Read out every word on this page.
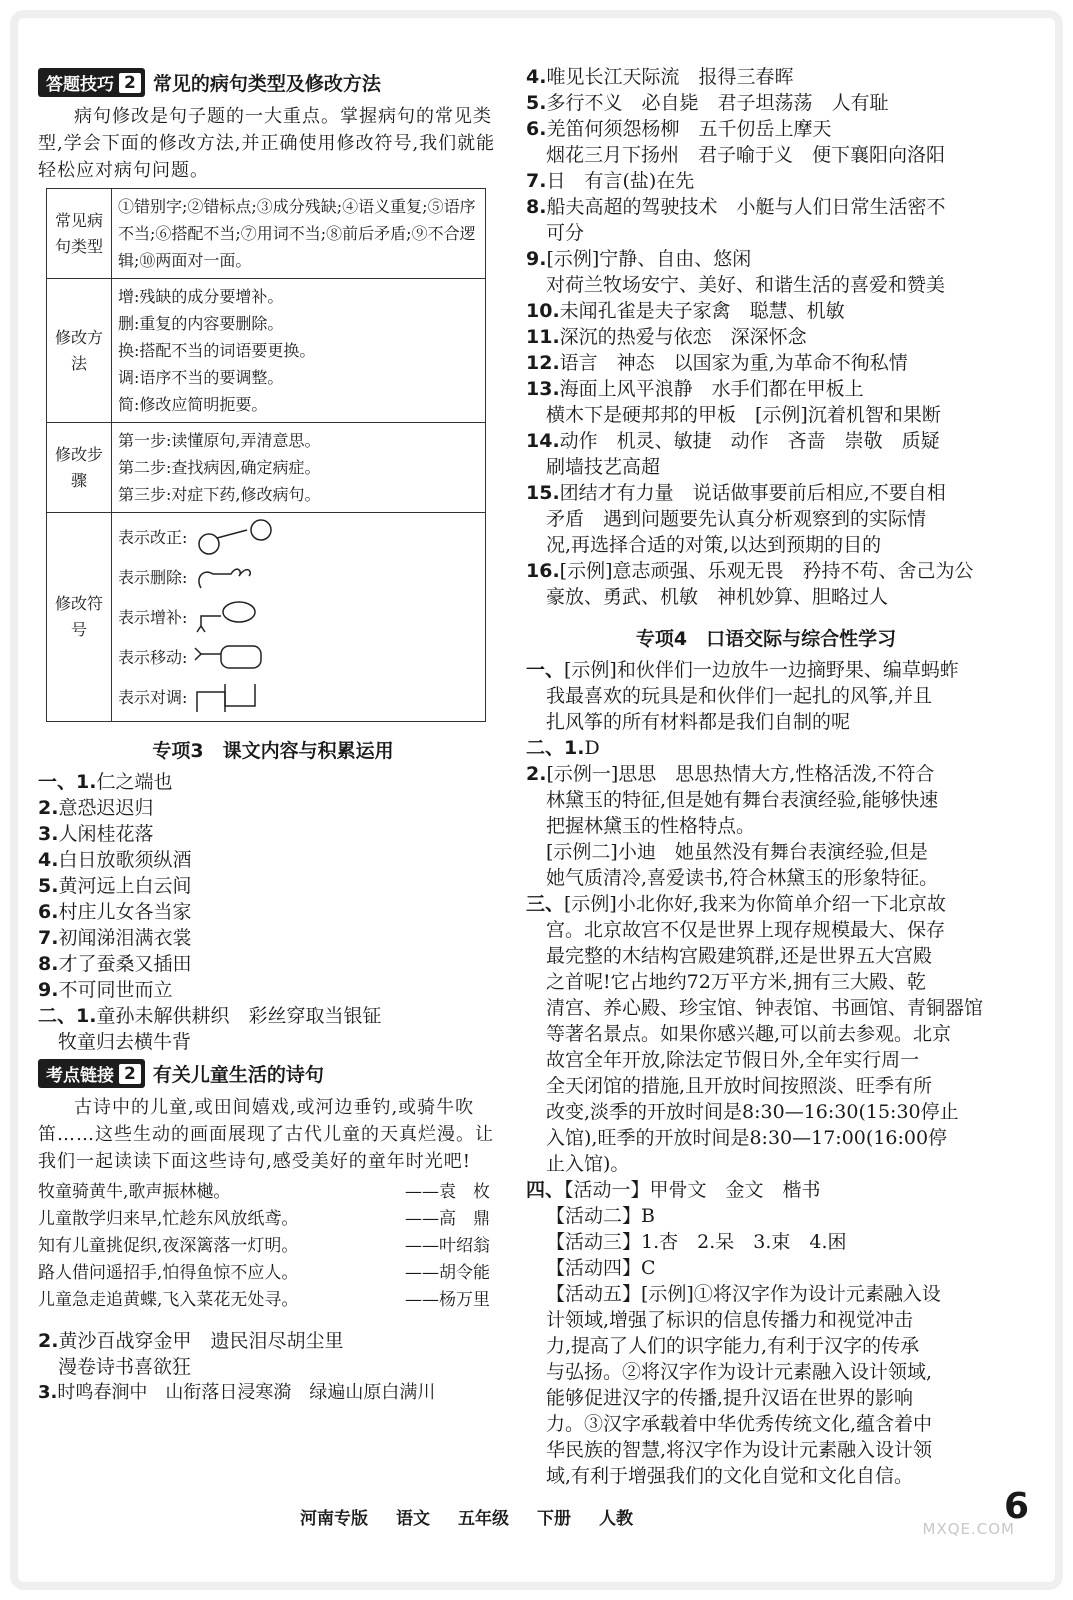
答题技巧 2 常见的病句类型及修改方法
病句修改是句子题的一大重点。掌握病句的常见类型,学会下面的修改方法,并正确使用修改符号,我们就能轻松应对病句问题。
常见病句类型	①错别字;②错标点;③成分残缺;④语义重复;⑤语序不当;⑥搭配不当;⑦用词不当;⑧前后矛盾;⑨不合逻辑;⑩两面对一面。
修改方法	增:残缺的成分要增补。
删:重复的内容要删除。
换:搭配不当的词语要更换。
调:语序不当的要调整。
简:修改应简明扼要。

修改步骤	第一步:读懂原句,弄清意思。
第二步:查找病因,确定病症。
第三步:对症下药,修改病句。

修改符号	表示改正:
表示删除:
表示增补:
表示移动:
表示对调:
专项3　课文内容与积累运用
一、1.仁之端也
2.意恐迟迟归
3.人闲桂花落
4.白日放歌须纵酒
5.黄河远上白云间
6.村庄儿女各当家
7.初闻涕泪满衣裳
8.才了蚕桑又插田
9.不可同世而立
二、1.童孙未解供耕织　彩丝穿取当银钲
牧童归去横牛背
考点链接 2 有关儿童生活的诗句
古诗中的儿童,或田间嬉戏,或河边垂钓,或骑牛吹笛……这些生动的画面展现了古代儿童的天真烂漫。让我们一起读读下面这些诗句,感受美好的童年时光吧!
牧童骑黄牛,歌声振林樾。	——袁　枚
儿童散学归来早,忙趁东风放纸鸢。	——高　鼎
知有儿童挑促织,夜深篱落一灯明。	——叶绍翁
路人借问遥招手,怕得鱼惊不应人。	——胡令能
儿童急走追黄蝶,飞入菜花无处寻。	——杨万里
2.黄沙百战穿金甲　遗民泪尽胡尘里
漫卷诗书喜欲狂
3.时鸣春涧中　山衔落日浸寒漪　绿遍山原白满川
4.唯见长江天际流　报得三春晖
5.多行不义　必自毙　君子坦荡荡　人有耻
6.羌笛何须怨杨柳　五千仞岳上摩天
烟花三月下扬州　君子喻于义　便下襄阳向洛阳
7.日　有言(盐)在先
8.船夫高超的驾驶技术　小艇与人们日常生活密不
可分
9.[示例]宁静、自由、悠闲
对荷兰牧场安宁、美好、和谐生活的喜爱和赞美
10.未闻孔雀是夫子家禽　聪慧、机敏
11.深沉的热爱与依恋　深深怀念
12.语言　神态　以国家为重,为革命不徇私情
13.海面上风平浪静　水手们都在甲板上
横木下是硬邦邦的甲板　[示例]沉着机智和果断
14.动作　机灵、敏捷　动作　吝啬　崇敬　质疑
刷墙技艺高超
15.团结才有力量　说话做事要前后相应,不要自相
矛盾　遇到问题要先认真分析观察到的实际情
况,再选择合适的对策,以达到预期的目的
16.[示例]意志顽强、乐观无畏　矜持不苟、舍己为公
豪放、勇武、机敏　神机妙算、胆略过人
专项4　口语交际与综合性学习
一、[示例]和伙伴们一边放牛一边摘野果、编草蚂蚱
我最喜欢的玩具是和伙伴们一起扎的风筝,并且
扎风筝的所有材料都是我们自制的呢
二、1.D
2.[示例一]思思　思思热情大方,性格活泼,不符合
林黛玉的特征,但是她有舞台表演经验,能够快速
把握林黛玉的性格特点。
[示例二]小迪　她虽然没有舞台表演经验,但是
她气质清冷,喜爱读书,符合林黛玉的形象特征。
三、[示例]小北你好,我来为你简单介绍一下北京故
宫。北京故宫不仅是世界上现存规模最大、保存
最完整的木结构宫殿建筑群,还是世界五大宫殿
之首呢!它占地约72万平方米,拥有三大殿、乾
清宫、养心殿、珍宝馆、钟表馆、书画馆、青铜器馆
等著名景点。如果你感兴趣,可以前去参观。北京
故宫全年开放,除法定节假日外,全年实行周一
全天闭馆的措施,且开放时间按照淡、旺季有所
改变,淡季的开放时间是8:30—16:30(15:30停止
入馆),旺季的开放时间是8:30—17:00(16:00停
止入馆)。
四、【活动一】甲骨文　金文　楷书
【活动二】B
【活动三】1.杏　2.呆　3.束　4.困
【活动四】C
【活动五】[示例]①将汉字作为设计元素融入设
计领域,增强了标识的信息传播力和视觉冲击
力,提高了人们的识字能力,有利于汉字的传承
与弘扬。②将汉字作为设计元素融入设计领域,
能够促进汉字的传播,提升汉语在世界的影响
力。③汉字承载着中华优秀传统文化,蕴含着中
华民族的智慧,将汉字作为设计元素融入设计领
域,有利于增强我们的文化自觉和文化自信。
河南专版 语文 五年级 下册 人教	6
MXQE.COM
